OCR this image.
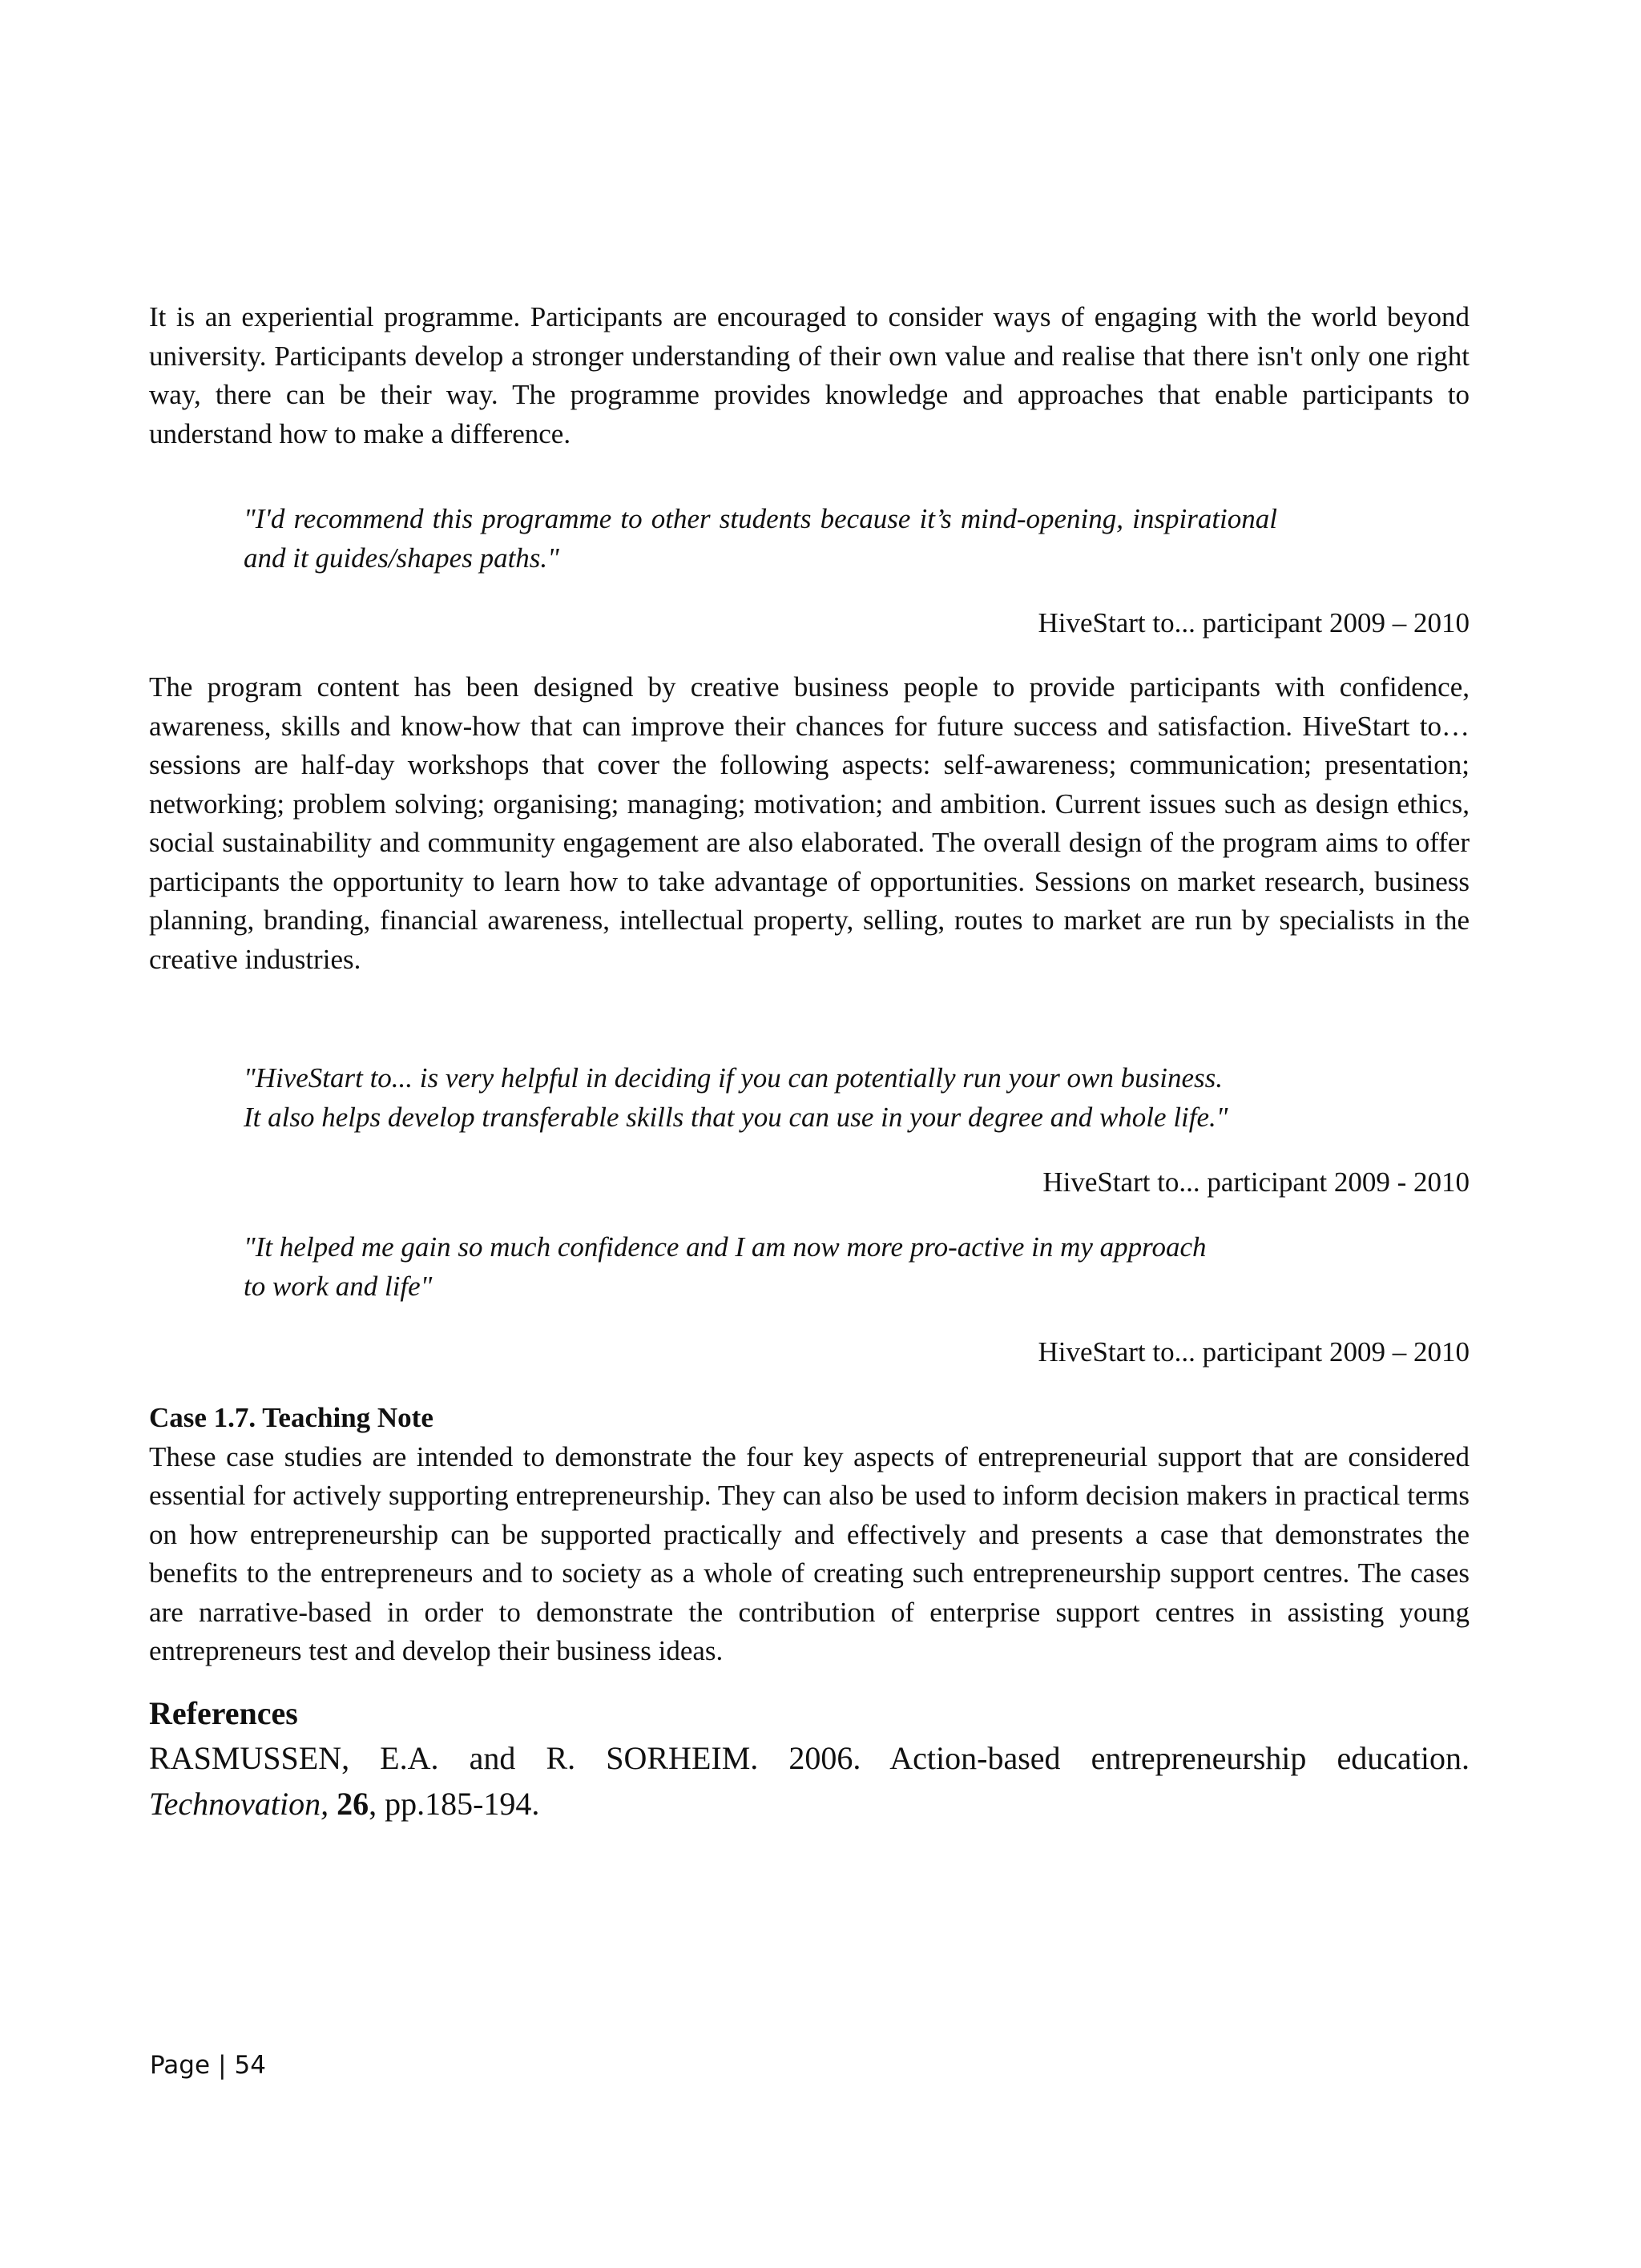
It is an experiential programme. Participants are encouraged to consider ways of engaging with the world beyond university. Participants develop a stronger understanding of their own value and realise that there isn't only one right way, there can be their way. The programme provides knowledge and approaches that enable participants to understand how to make a difference.

"I'd recommend this programme to other students because it’s mind-opening, inspirational and it guides/shapes paths."

HiveStart to... participant 2009 – 2010

The program content has been designed by creative business people to provide participants with confidence, awareness, skills and know-how that can improve their chances for future success and satisfaction. HiveStart to… sessions are half-day workshops that cover the following aspects: self-awareness; communication; presentation; networking; problem solving; organising; managing; motivation; and ambition. Current issues such as design ethics, social sustainability and community engagement are also elaborated. The overall design of the program aims to offer participants the opportunity to learn how to take advantage of opportunities. Sessions on market research, business planning, branding, financial awareness, intellectual property, selling, routes to market are run by specialists in the creative industries.

"HiveStart to... is very helpful in deciding if you can potentially run your own business.
It also helps develop transferable skills that you can use in your degree and whole life."

HiveStart to... participant 2009 - 2010

"It helped me gain so much confidence and I am now more pro-active in my approach
to work and life"

HiveStart to... participant 2009 – 2010

Case 1.7. Teaching Note

These case studies are intended to demonstrate the four key aspects of entrepreneurial support that are considered essential for actively supporting entrepreneurship. They can also be used to inform decision makers in practical terms on how entrepreneurship can be supported practically and effectively and presents a case that demonstrates the benefits to the entrepreneurs and to society as a whole of creating such entrepreneurship support centres. The cases are narrative-based in order to demonstrate the contribution of enterprise support centres in assisting young entrepreneurs test and develop their business ideas.

References

RASMUSSEN, E.A. and R. SORHEIM. 2006. Action-based entrepreneurship education. Technovation, 26, pp.185-194.

Page | 54
